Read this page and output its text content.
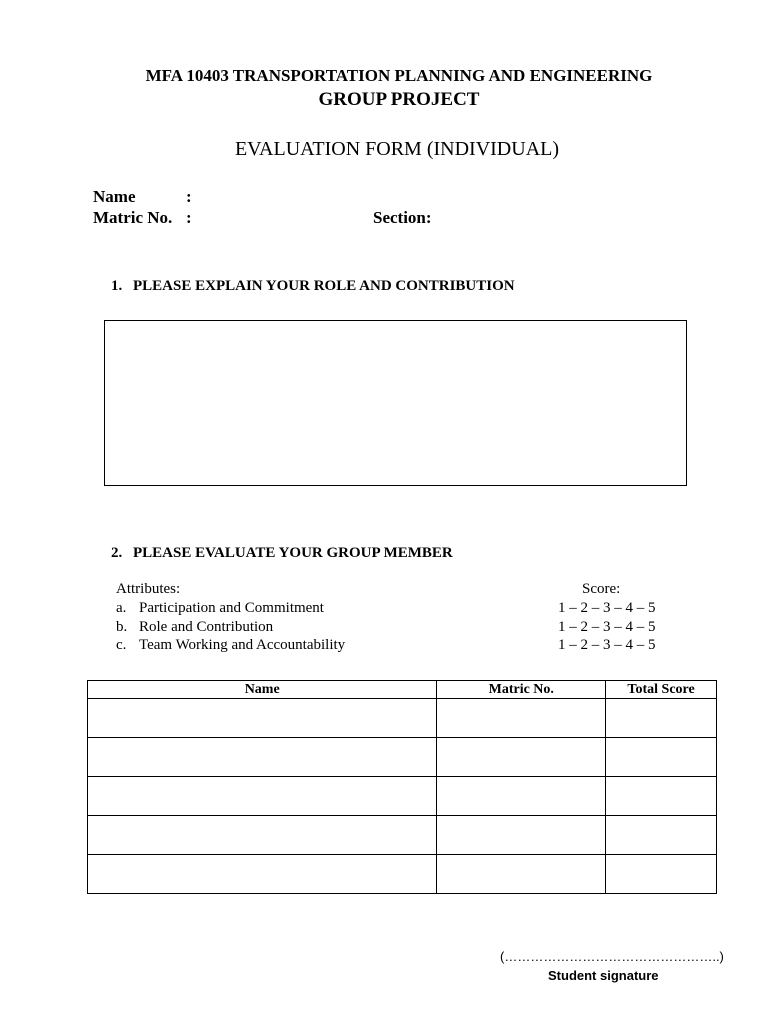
MFA 10403 TRANSPORTATION PLANNING AND ENGINEERING
GROUP PROJECT
EVALUATION FORM (INDIVIDUAL)
Name	:
Matric No. :	Section:
1. PLEASE EXPLAIN YOUR ROLE AND CONTRIBUTION
2. PLEASE EVALUATE YOUR GROUP MEMBER
Attributes:	Score:
a. Participation and Commitment	1 – 2 – 3 – 4 – 5
b. Role and Contribution	1 – 2 – 3 – 4 – 5
c. Team Working and Accountability	1 – 2 – 3 – 4 – 5
Name	Matric No.	Total Score

(…………………………………………..)
Student signature
